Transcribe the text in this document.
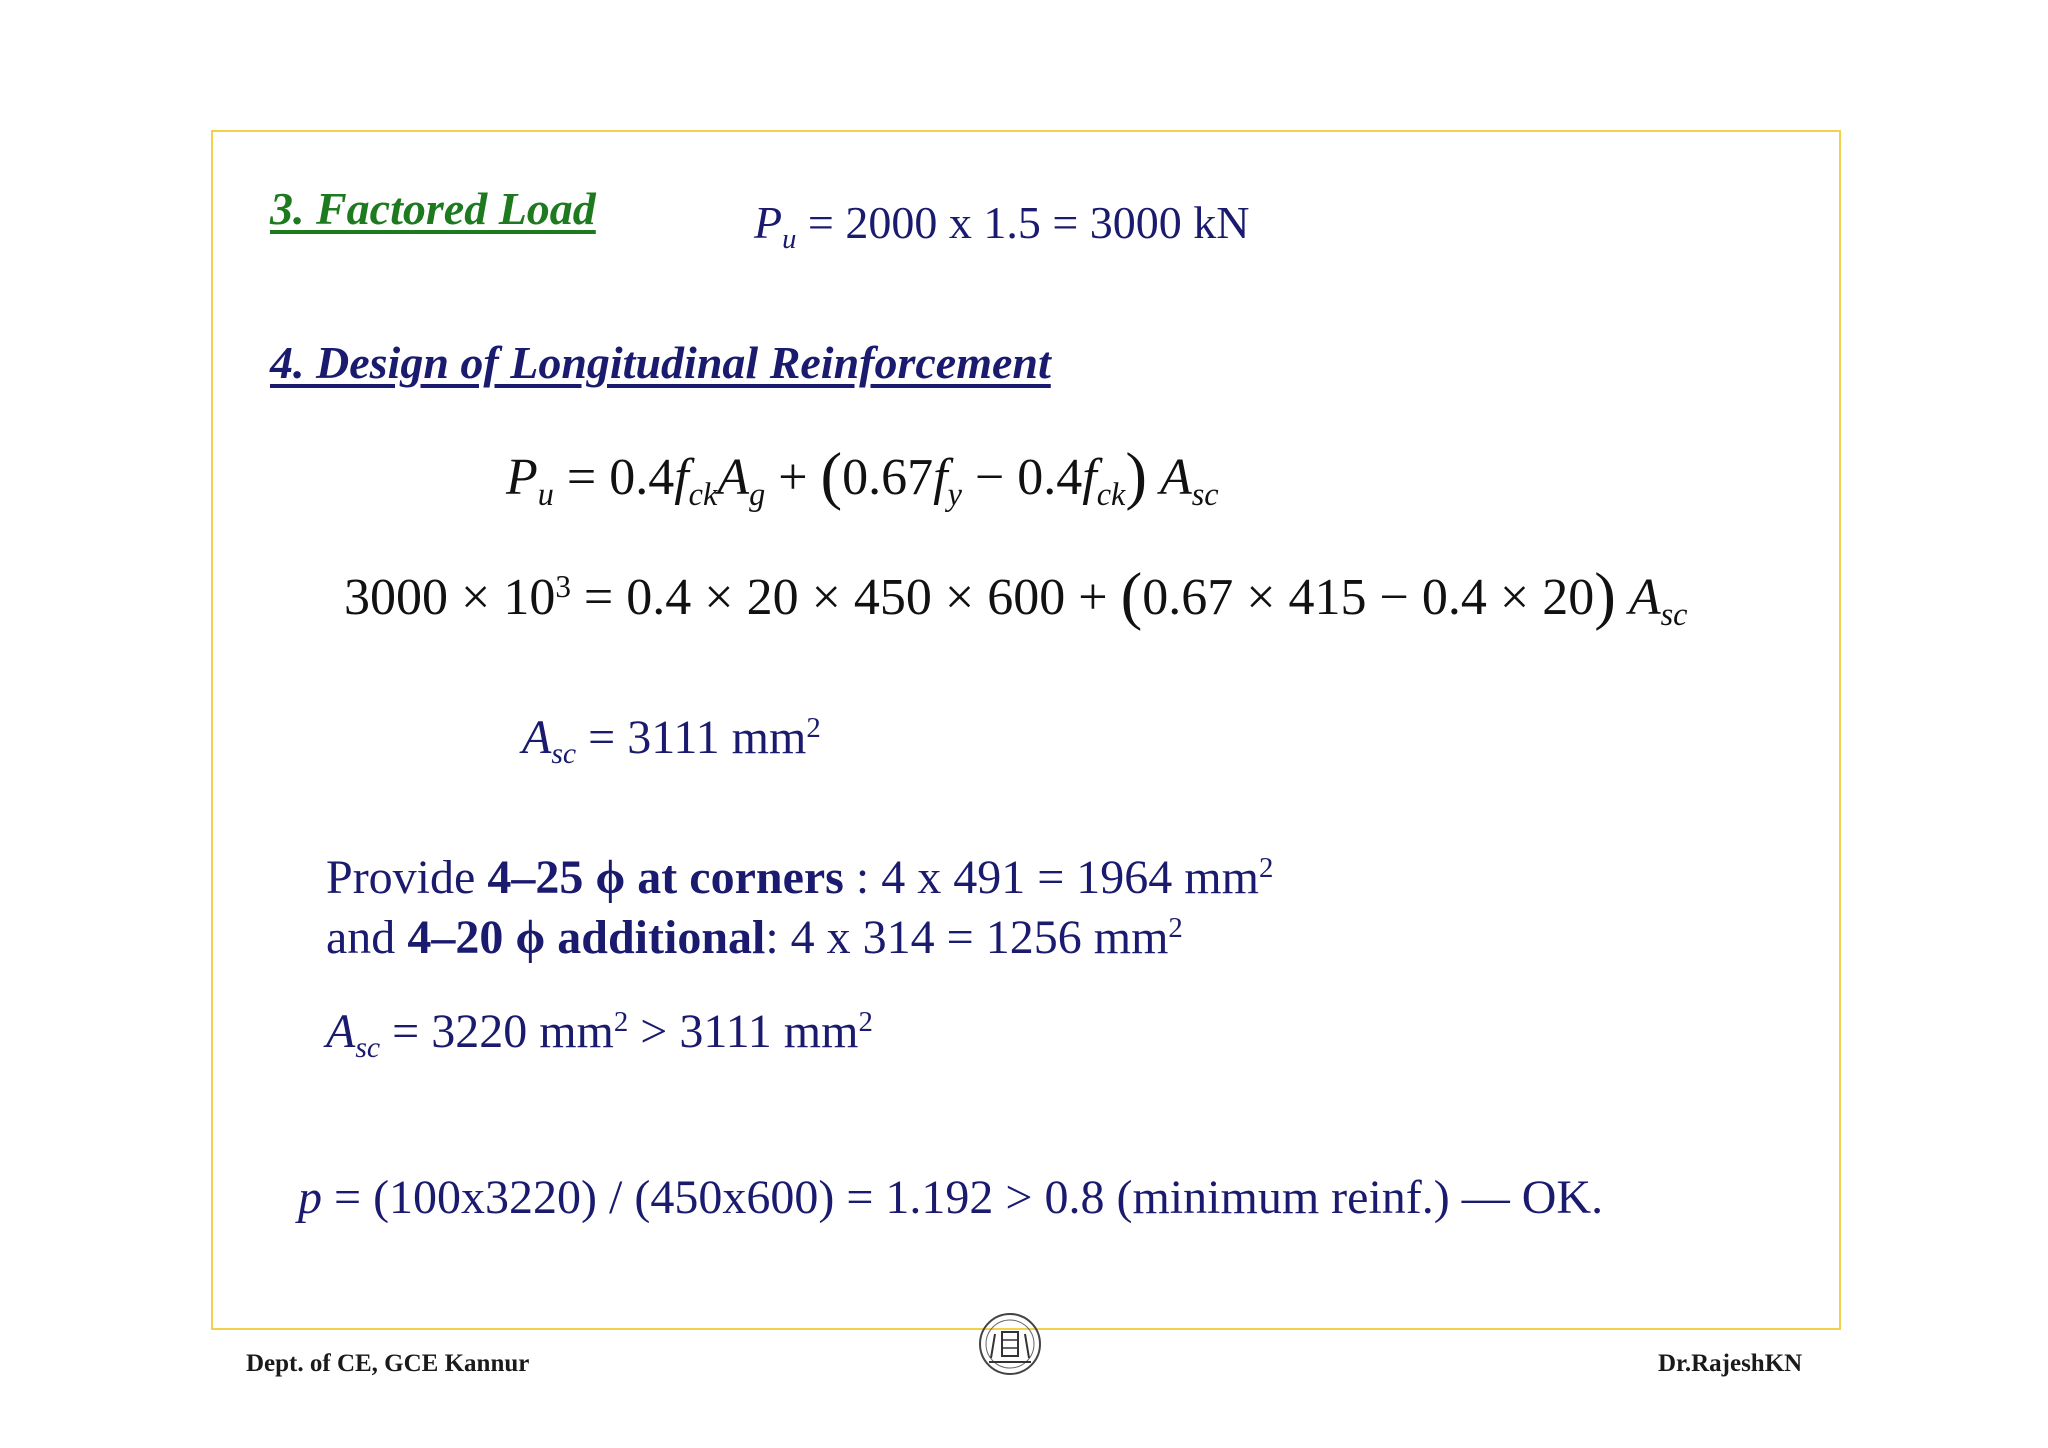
3. Factored Load	$P_u = 2000$ x 1.5 = 3000 kN
4. Design of Longitudinal Reinforcement
$P_u = 0.4f_{ck}A_g + (0.67f_y - 0.4f_{ck})$ $A_{sc}$
$3000 \times 10^3 = 0.4 \times 20 \times 450 \times 600 + (0.67 \times 415 - 0.4 \times 20)$ $A_{sc}$
$A_{sc} = 3111$ $mm^2$
Provide 4–25 ϕ at corners : 4 x 491 = 1964 $mm^2$
and 4–20 ϕ additional: 4 x 314 = 1256 $mm^2$
$A_{sc} = 3220$ $mm^2 > 3111$ $mm^2$
p = (100x3220) / (450x600) = 1.192 > 0.8 (minimum reinf.) — OK.
Dept. of CE, GCE Kannur	Dr.RajeshKN
